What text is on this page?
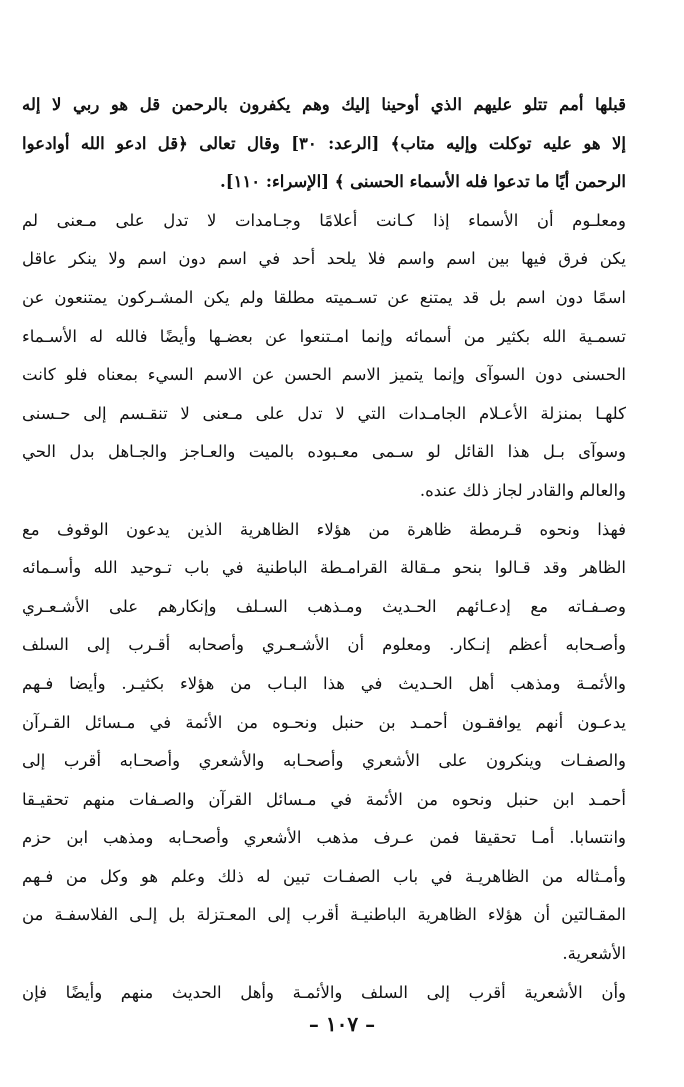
قبلها أمم تتلو عليهم الذي أوحينا إليك وهم يكفرون بالرحمن قل هو ربي لا إله
إلا هو عليه توكلت وإليه متاب﴾ [الرعد: ٣٠] وقال تعالى ﴿قل ادعو الله أوادعوا
الرحمن أيًا ما تدعوا فله الأسماء الحسنى ﴾ [الإسراء: ١١٠].
ومعلـوم أن الأسماء إذا كـانت أعلامًا وجـامدات لا تدل على مـعنى لم
يكن فرق فيها بين اسم واسم فلا يلحد أحد في اسم دون اسم ولا ينكر عاقل
اسمًا دون اسم بل قد يمتنع عن تسـميته مطلقا ولم يكن المشـركون يمتنعون عن
تسمـية الله بكثير من أسمائه وإنما امـتنعوا عن بعضـها وأيضًا فالله له الأسـماء
الحسنى دون السوآى وإنما يتميز الاسم الحسن عن الاسم السيء بمعناه فلو كانت
كلهـا بمنزلة الأعـلام الجامـدات التي لا تدل على مـعنى لا تنقـسم إلى حـسنى
وسوآى بـل هذا القائل لو سـمى معـبوده بالميت والعـاجز والجـاهل بدل الحي
والعالم والقادر لجاز ذلك عنده.
فهذا ونحوه قـرمطة ظاهرة من هؤلاء الظاهرية الذين يدعون الوقوف مع
الظاهر وقد قـالوا بنحو مـقالة القرامـطة الباطنية في باب تـوحيد الله وأسـمائه
وصـفـاته مع إدعـائهم الحـديث ومـذهب السـلف وإنكارهم على الأشـعـري
وأصـحابه أعظم إنـكار. ومعلوم أن الأشـعـري وأصحابه أقـرب إلى السلف
والأئمـة ومذهب أهل الحـديث في هذا البـاب من هؤلاء بكثيـر. وأيضا فـهم
يدعـون أنهم يوافقـون أحمـد بن حنبل ونحـوه من الأئمة في مـسائل القـرآن
والصفـات وينكرون على الأشعري وأصحـابه والأشعري وأصحـابه أقرب إلى
أحمـد ابن حنبل ونحوه من الأئمة في مـسائل القرآن والصـفات منهم تحقيـقا
وانتسابا. أمـا تحقيقا فمن عـرف مذهب الأشعري وأصحـابه ومذهب ابن حزم
وأمـثاله من الظاهريـة في باب الصفـات تبين له ذلك وعلم هو وكل من فـهم
المقـالتين أن هؤلاء الظاهرية الباطنيـة أقرب إلى المعـتزلة بل إلـى الفلاسفـة من
الأشعرية.
وأن الأشعرية أقرب إلى السلف والأئمـة وأهل الحديث منهم وأيضًا فإن
– ١٠٧ –
